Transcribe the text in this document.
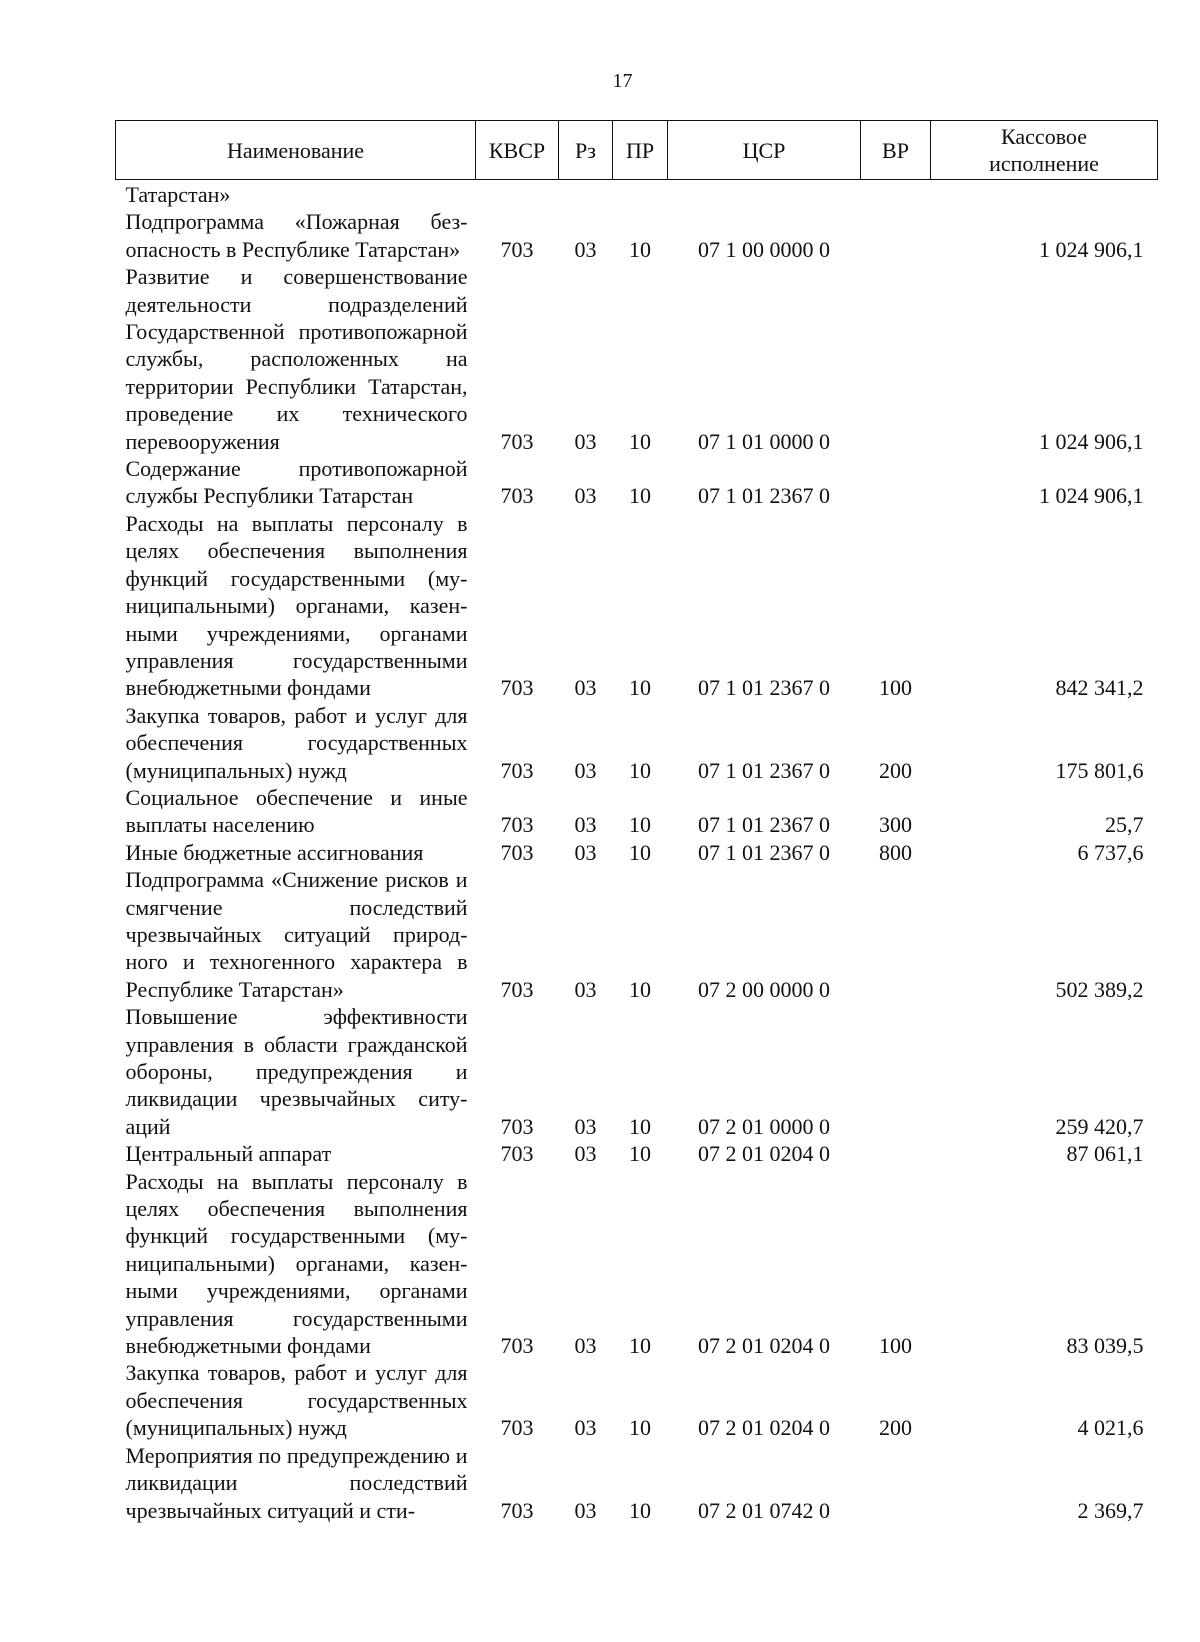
17
Наименование	КВСР	Рз	ПР	ЦСР	ВР	Кассовое
исполнение
Татарстан»						
Подпрограмма «Пожарная безопасность в Республике Татарстан»	703	03	10	07 1 00 0000 0		1 024 906,1
Развитие и совершенствование деятельности подразделений Государственной противопожарной службы, расположенных на территории Республики Татарстан, проведение их технического перевооружения	703	03	10	07 1 01 0000 0		1 024 906,1
Содержание противопожарной службы Республики Татарстан	703	03	10	07 1 01 2367 0		1 024 906,1
Расходы на выплаты персоналу в целях обеспечения выполнения функций государственными (муниципальными) органами, казенными учреждениями, органами управления государственными внебюджетными фондами	703	03	10	07 1 01 2367 0	100	842 341,2
Закупка товаров, работ и услуг для обеспечения государственных (муниципальных) нужд	703	03	10	07 1 01 2367 0	200	175 801,6
Социальное обеспечение и иные выплаты населению	703	03	10	07 1 01 2367 0	300	25,7
Иные бюджетные ассигнования	703	03	10	07 1 01 2367 0	800	6 737,6
Подпрограмма «Снижение рисков и смягчение последствий чрезвычайных ситуаций природного и техногенного характера в Республике Татарстан»	703	03	10	07 2 00 0000 0		502 389,2
Повышение эффективности управления в области гражданской обороны, предупреждения и ликвидации чрезвычайных ситуаций	703	03	10	07 2 01 0000 0		259 420,7
Центральный аппарат	703	03	10	07 2 01 0204 0		87 061,1
Расходы на выплаты персоналу в целях обеспечения выполнения функций государственными (муниципальными) органами, казенными учреждениями, органами управления государственными внебюджетными фондами	703	03	10	07 2 01 0204 0	100	83 039,5
Закупка товаров, работ и услуг для обеспечения государственных (муниципальных) нужд	703	03	10	07 2 01 0204 0	200	4 021,6
Мероприятия по предупреждению и ликвидации последствий чрезвычайных ситуаций и сти-	703	03	10	07 2 01 0742 0		2 369,7
